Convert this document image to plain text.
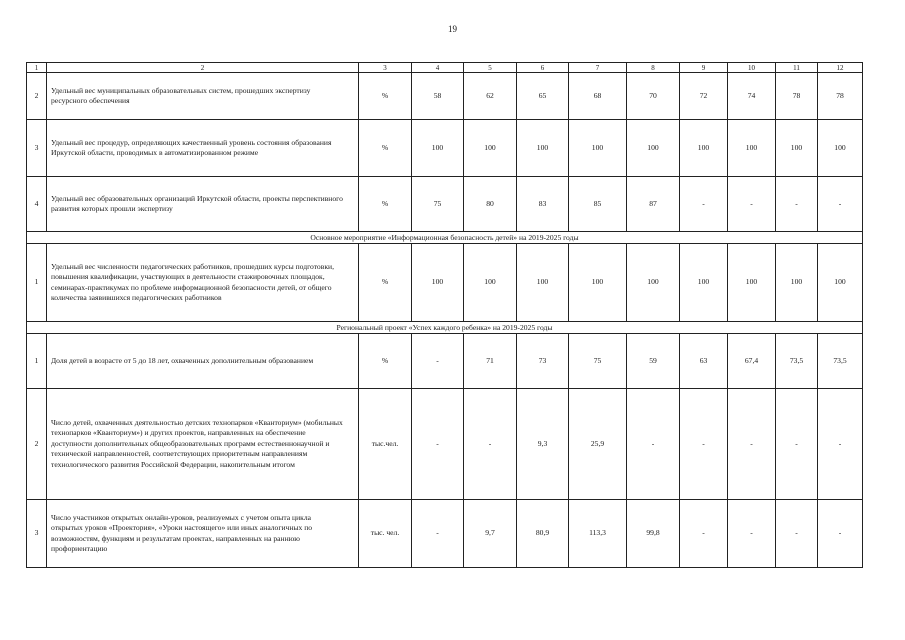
19
1	2	3	4	5	6	7	8	9	10	11	12
2	Удельный вес муниципальных образовательных систем, прошедших экспертизу ресурсного обеспечения	%	58	62	65	68	70	72	74	78	78
3	Удельный вес процедур, определяющих качественный уровень состояния образования Иркутской области, проводимых в автоматизированном режиме	%	100	100	100	100	100	100	100	100	100
4	Удельный вес образовательных организаций Иркутской области, проекты перспективного развития которых прошли экспертизу	%	75	80	83	85	87	-	-	-	-
Основное мероприятие «Информационная безопасность детей» на 2019-2025 годы											
1	Удельный вес численности педагогических работников, прошедших курсы подготовки, повышения квалификации, участвующих в деятельности стажировочных площадок, семинарах-практикумах по проблеме информационной безопасности детей, от общего количества заявившихся педагогических работников	%	100	100	100	100	100	100	100	100	100
Региональный проект «Успех каждого ребенка» на 2019-2025 годы											
1	Доля детей в возрасте от 5 до 18 лет, охваченных дополнительным образованием	%	-	71	73	75	59	63	67,4	73,5	73,5
2	Число детей, охваченных деятельностью детских технопарков «Кванториум» (мобильных технопарков «Кванториум») и других проектов, направленных на обеспечение доступности дополнительных общеобразовательных программ естественнонаучной и технической направленностей, соответствующих приоритетным направлениям технологического развития Российской Федерации, накопительным итогом	тыс.чел.	-	-	9,3	25,9	-	-	-	-	-
3	Число участников открытых онлайн-уроков, реализуемых с учетом опыта цикла открытых уроков «Проектория», «Уроки настоящего» или иных аналогичных по возможностям, функциям и результатам проектах, направленных на раннюю профориентацию	тыс. чел.	-	9,7	80,9	113,3	99,8	-	-	-	-
